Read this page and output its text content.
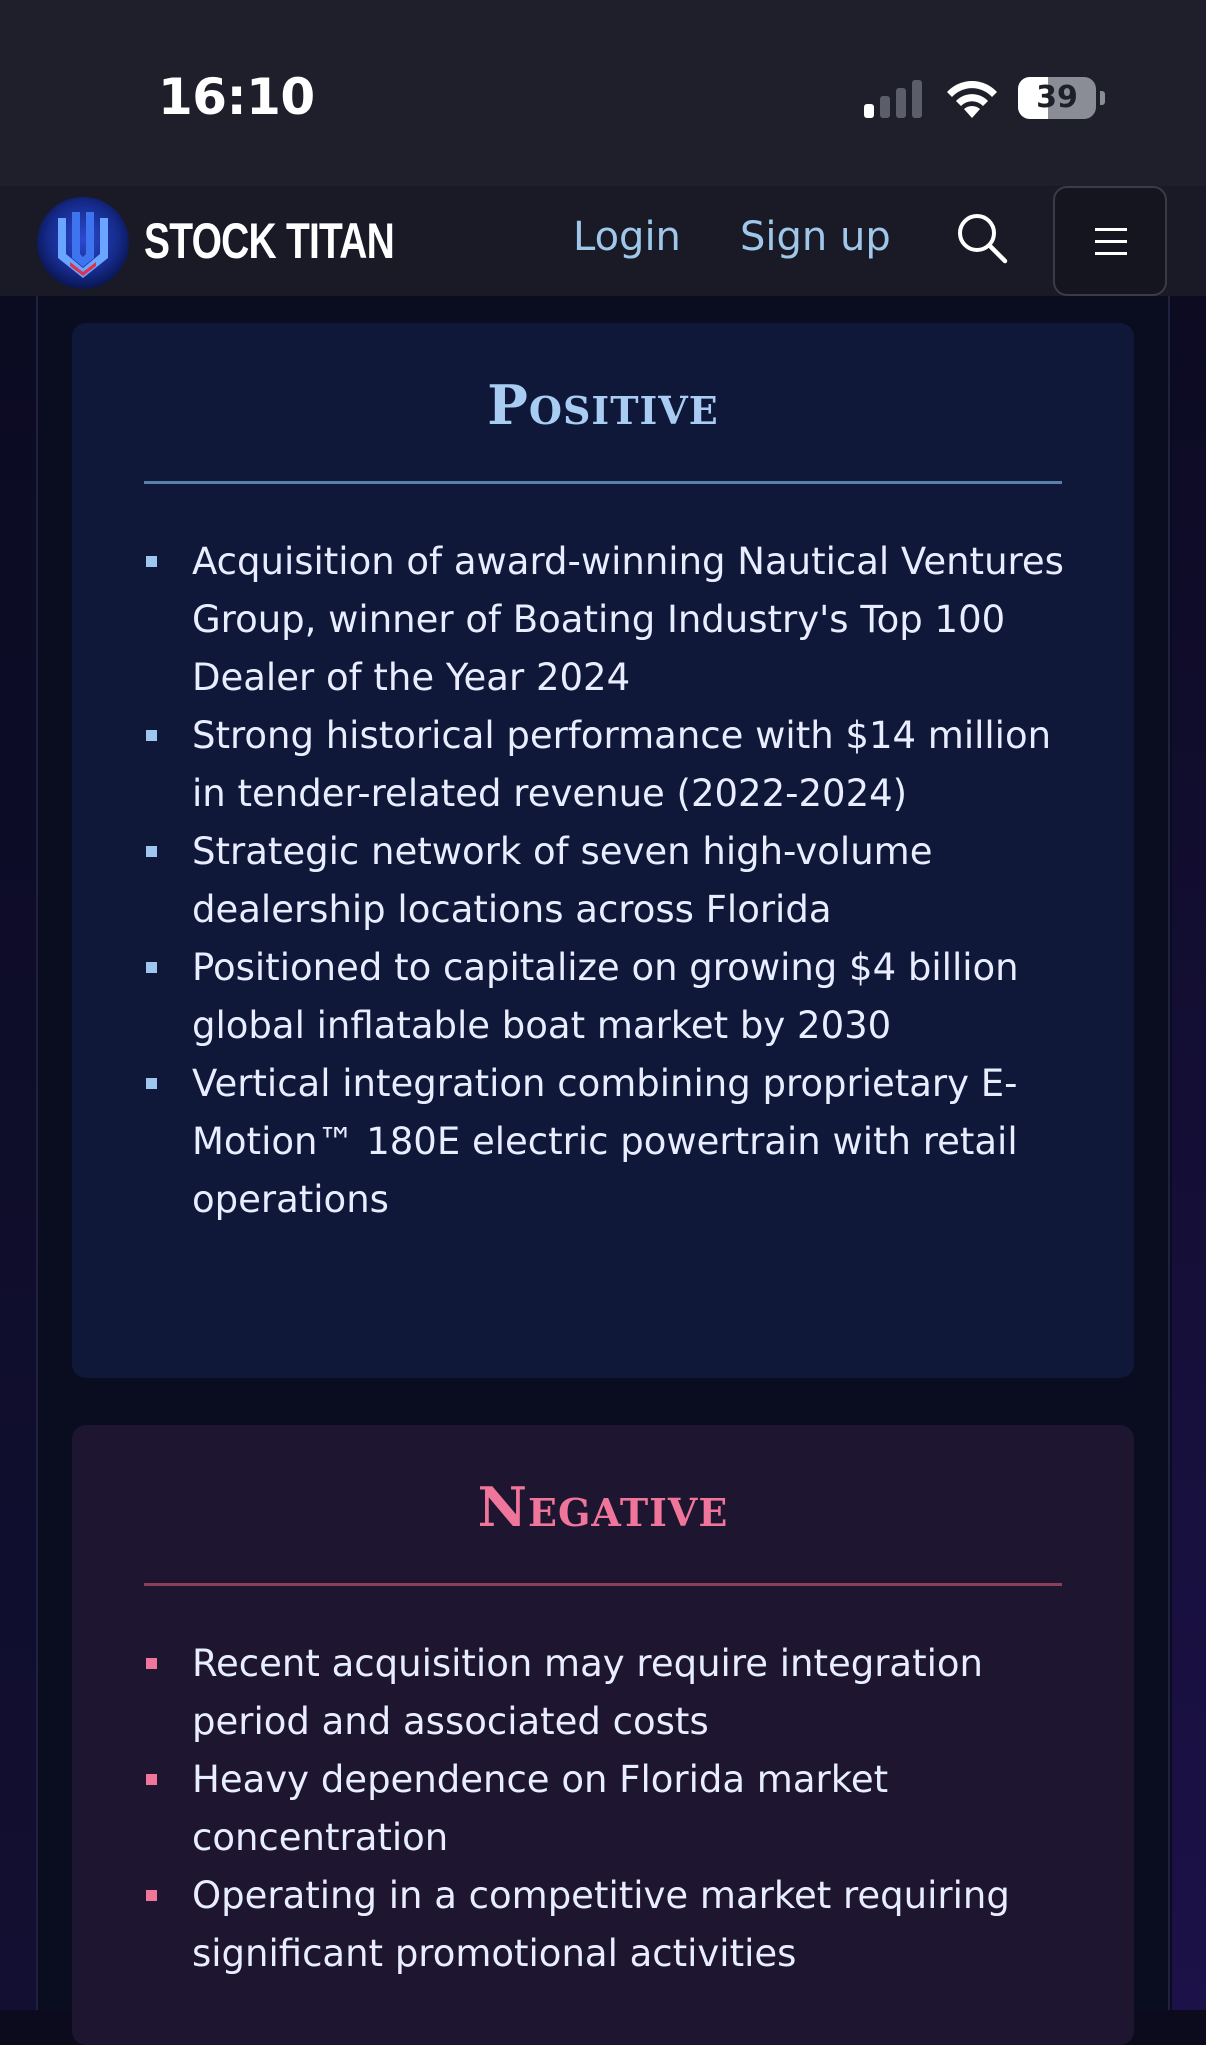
16:10	39
STOCK TITAN	Login Sign up
Positive
Acquisition of award-winning Nautical Ventures Group, winner of Boating Industry's Top 100 Dealer of the Year 2024
Strong historical performance with $14 million in tender-related revenue (2022-2024)
Strategic network of seven high-volume dealership locations across Florida
Positioned to capitalize on growing $4 billion global inflatable boat market by 2030
Vertical integration combining proprietary E-Motion™ 180E electric powertrain with retail operations
Negative
Recent acquisition may require integration period and associated costs
Heavy dependence on Florida market concentration
Operating in a competitive market requiring significant promotional activities
